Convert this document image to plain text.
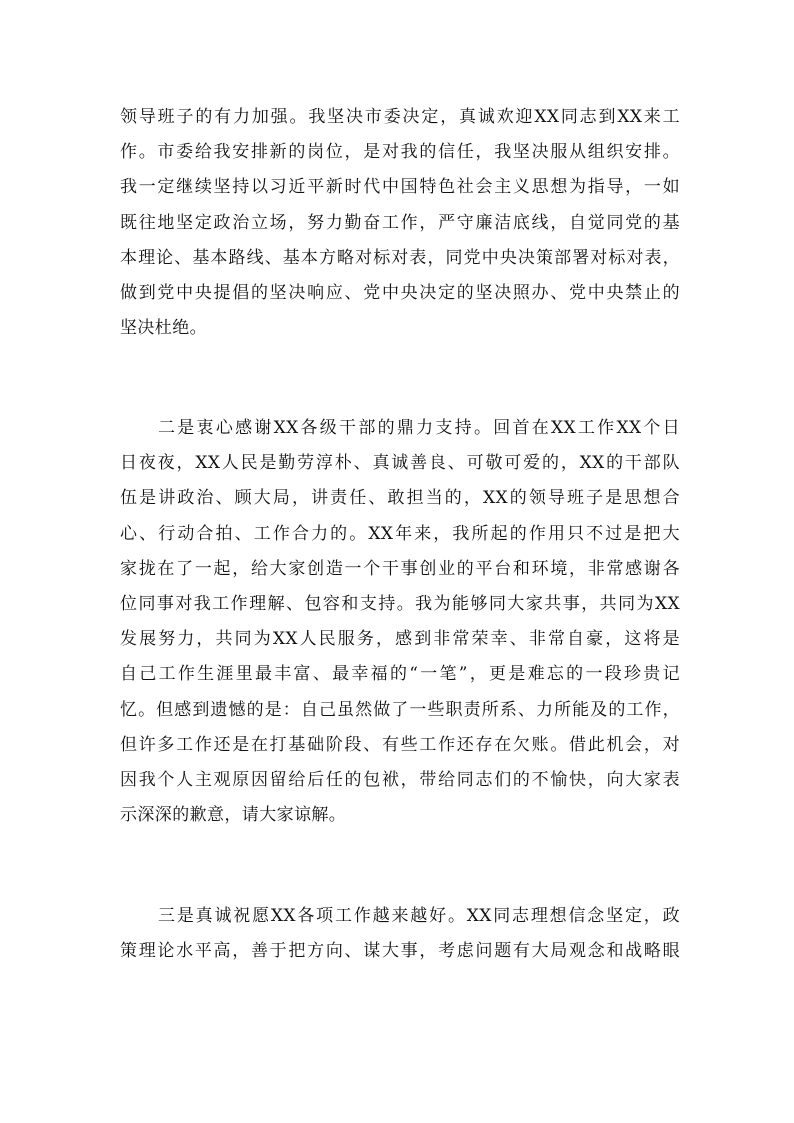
领导班子的有力加强。我坚决市委决定，真诚欢迎XX同志到XX来工
作。市委给我安排新的岗位，是对我的信任，我坚决服从组织安排。
我一定继续坚持以习近平新时代中国特色社会主义思想为指导，一如
既往地坚定政治立场，努力勤奋工作，严守廉洁底线，自觉同党的基
本理论、基本路线、基本方略对标对表，同党中央决策部署对标对表，
做到党中央提倡的坚决响应、党中央决定的坚决照办、党中央禁止的
坚决杜绝。
二是衷心感谢XX各级干部的鼎力支持。回首在XX工作XX个日
日夜夜，XX人民是勤劳淳朴、真诚善良、可敬可爱的，XX的干部队
伍是讲政治、顾大局，讲责任、敢担当的，XX的领导班子是思想合
心、行动合拍、工作合力的。XX年来，我所起的作用只不过是把大
家拢在了一起，给大家创造一个干事创业的平台和环境，非常感谢各
位同事对我工作理解、包容和支持。我为能够同大家共事，共同为XX
发展努力，共同为XX人民服务，感到非常荣幸、非常自豪，这将是
自己工作生涯里最丰富、最幸福的“一笔”，更是难忘的一段珍贵记
忆。但感到遗憾的是：自己虽然做了一些职责所系、力所能及的工作，
但许多工作还是在打基础阶段、有些工作还存在欠账。借此机会，对
因我个人主观原因留给后任的包袱，带给同志们的不愉快，向大家表
示深深的歉意，请大家谅解。
三是真诚祝愿XX各项工作越来越好。XX同志理想信念坚定，政
策理论水平高，善于把方向、谋大事，考虑问题有大局观念和战略眼
